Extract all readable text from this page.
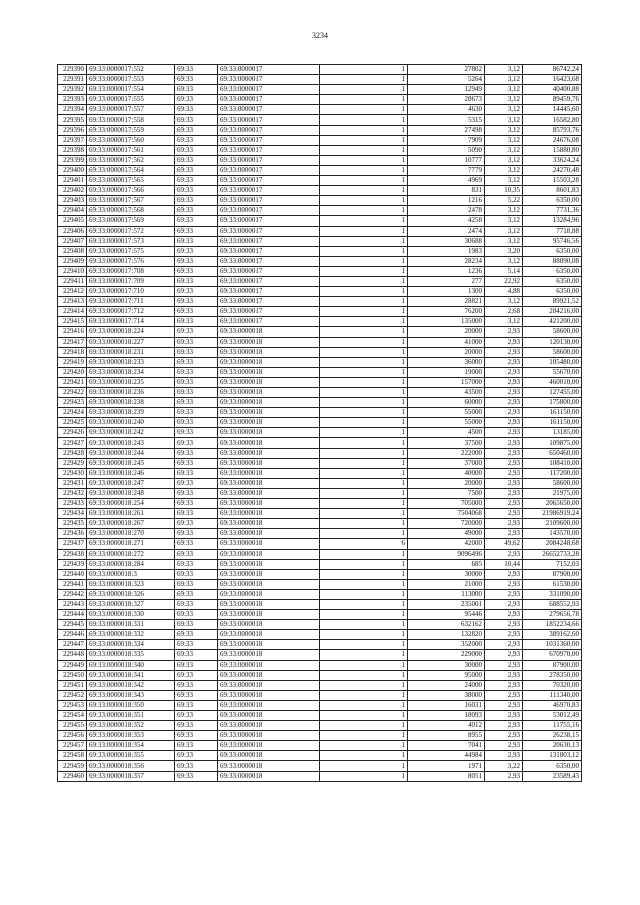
3234
229390	69:33:0000017:552	69:33	69:33:0000017	1	27802	3,12	86742,24
229391	69:33:0000017:553	69:33	69:33:0000017	1	5264	3,12	16423,68
229392	69:33:0000017:554	69:33	69:33:0000017	1	12949	3,12	40400,88
229393	69:33:0000017:555	69:33	69:33:0000017	1	28673	3,12	89459,76
229394	69:33:0000017:557	69:33	69:33:0000017	1	4630	3,12	14445,60
229395	69:33:0000017:558	69:33	69:33:0000017	1	5315	3,12	16582,80
229396	69:33:0000017:559	69:33	69:33:0000017	1	27498	3,12	85793,76
229397	69:33:0000017:560	69:33	69:33:0000017	1	7909	3,12	24676,08
229398	69:33:0000017:561	69:33	69:33:0000017	1	5090	3,12	15880,80
229399	69:33:0000017:562	69:33	69:33:0000017	1	10777	3,12	33624,24
229400	69:33:0000017:564	69:33	69:33:0000017	1	7779	3,12	24270,48
229401	69:33:0000017:565	69:33	69:33:0000017	1	4969	3,12	15503,28
229402	69:33:0000017:566	69:33	69:33:0000017	1	831	10,35	8601,83
229403	69:33:0000017:567	69:33	69:33:0000017	1	1216	5,22	6350,00
229404	69:33:0000017:568	69:33	69:33:0000017	1	2478	3,12	7731,36
229405	69:33:0000017:569	69:33	69:33:0000017	1	4258	3,12	13284,96
229406	69:33:0000017:572	69:33	69:33:0000017	1	2474	3,12	7718,88
229407	69:33:0000017:573	69:33	69:33:0000017	1	30688	3,12	95746,56
229408	69:33:0000017:575	69:33	69:33:0000017	1	1983	3,20	6350,00
229409	69:33:0000017:576	69:33	69:33:0000017	1	28234	3,12	88090,08
229410	69:33:0000017:708	69:33	69:33:0000017	1	1236	5,14	6350,00
229411	69:33:0000017:709	69:33	69:33:0000017	1	277	22,92	6350,00
229412	69:33:0000017:710	69:33	69:33:0000017	1	1300	4,88	6350,00
229413	69:33:0000017:711	69:33	69:33:0000017	1	28821	3,12	89921,52
229414	69:33:0000017:712	69:33	69:33:0000017	1	76200	2,68	204216,00
229415	69:33:0000017:714	69:33	69:33:0000017	1	135000	3,12	421200,00
229416	69:33:0000018:224	69:33	69:33:0000018	1	20000	2,93	58600,00
229417	69:33:0000018:227	69:33	69:33:0000018	1	41000	2,93	120130,00
229418	69:33:0000018:231	69:33	69:33:0000018	1	20000	2,93	58600,00
229419	69:33:0000018:233	69:33	69:33:0000018	1	36000	2,93	105480,00
229420	69:33:0000018:234	69:33	69:33:0000018	1	19000	2,93	55670,00
229421	69:33:0000018:235	69:33	69:33:0000018	1	157000	2,93	460010,00
229422	69:33:0000018:236	69:33	69:33:0000018	1	43500	2,93	127455,00
229423	69:33:0000018:238	69:33	69:33:0000018	1	60000	2,93	175800,00
229424	69:33:0000018:239	69:33	69:33:0000018	1	55000	2,93	161150,00
229425	69:33:0000018:240	69:33	69:33:0000018	1	55000	2,93	161150,00
229426	69:33:0000018:242	69:33	69:33:0000018	1	4500	2,93	13185,00
229427	69:33:0000018:243	69:33	69:33:0000018	1	37500	2,93	109875,00
229428	69:33:0000018:244	69:33	69:33:0000018	1	222000	2,93	650460,00
229429	69:33:0000018:245	69:33	69:33:0000018	1	37000	2,93	108410,00
229430	69:33:0000018:246	69:33	69:33:0000018	1	40000	2,93	117200,00
229431	69:33:0000018:247	69:33	69:33:0000018	1	20000	2,93	58600,00
229432	69:33:0000018:248	69:33	69:33:0000018	1	7500	2,93	21975,00
229433	69:33:0000018:254	69:33	69:33:0000018	1	705000	2,93	2065650,00
229434	69:33:0000018:261	69:33	69:33:0000018	1	7504068	2,93	21986919,24
229435	69:33:0000018:267	69:33	69:33:0000018	1	720000	2,93	2109600,00
229436	69:33:0000018:270	69:33	69:33:0000018	1	49000	2,93	143570,00
229437	69:33:0000018:271	69:33	69:33:0000018	6	42000	49,62	2084248,68
229438	69:33:0000018:272	69:33	69:33:0000018	1	9096496	2,93	26652733,28
229439	69:33:0000018:284	69:33	69:33:0000018	1	685	10,44	7152,03
229440	69:33:0000018:3	69:33	69:33:0000018	1	30000	2,93	87900,00
229441	69:33:0000018:323	69:33	69:33:0000018	1	21000	2,93	61530,00
229442	69:33:0000018:326	69:33	69:33:0000018	1	113000	2,93	331090,00
229443	69:33:0000018:327	69:33	69:33:0000018	1	235001	2,93	688552,93
229444	69:33:0000018:330	69:33	69:33:0000018	1	95446	2,93	279656,78
229445	69:33:0000018:331	69:33	69:33:0000018	1	632162	2,93	1852234,66
229446	69:33:0000018:332	69:33	69:33:0000018	1	132820	2,93	389162,60
229447	69:33:0000018:334	69:33	69:33:0000018	1	352000	2,93	1031360,00
229448	69:33:0000018:335	69:33	69:33:0000018	1	229000	2,93	670970,00
229449	69:33:0000018:340	69:33	69:33:0000018	1	30000	2,93	87900,00
229450	69:33:0000018:341	69:33	69:33:0000018	1	95000	2,93	278350,00
229451	69:33:0000018:342	69:33	69:33:0000018	1	24000	2,93	70320,00
229452	69:33:0000018:343	69:33	69:33:0000018	1	38000	2,93	111340,00
229453	69:33:0000018:350	69:33	69:33:0000018	1	16031	2,93	46970,83
229454	69:33:0000018:351	69:33	69:33:0000018	1	18093	2,93	53012,49
229455	69:33:0000018:352	69:33	69:33:0000018	1	4012	2,93	11755,16
229456	69:33:0000018:353	69:33	69:33:0000018	1	8955	2,93	26238,15
229457	69:33:0000018:354	69:33	69:33:0000018	1	7041	2,93	20630,13
229458	69:33:0000018:355	69:33	69:33:0000018	1	44984	2,93	131803,12
229459	69:33:0000018:356	69:33	69:33:0000018	1	1971	3,22	6350,00
229460	69:33:0000018:357	69:33	69:33:0000018	1	8051	2,93	23589,43
